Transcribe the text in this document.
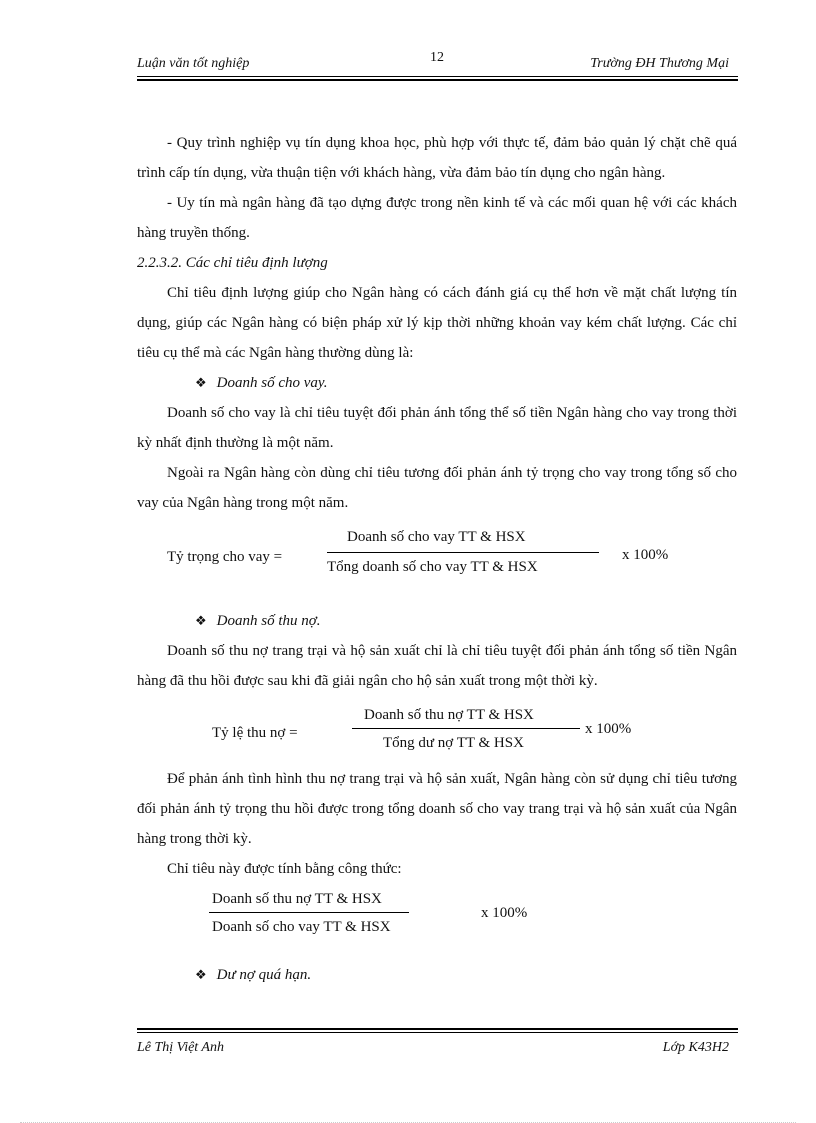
Luận văn tốt nghiệp	12	Trường ĐH Thương Mại

- Quy trình nghiệp vụ tín dụng khoa học, phù hợp với thực tế, đảm bảo quản lý chặt chẽ quá trình cấp tín dụng, vừa thuận tiện với khách hàng, vừa đảm bảo tín dụng cho ngân hàng.

- Uy tín mà ngân hàng đã tạo dựng được trong nền kinh tế và các mối quan hệ với các khách hàng truyền thống.

2.2.3.2. Các chỉ tiêu định lượng

Chỉ tiêu định lượng giúp cho Ngân hàng có cách đánh giá cụ thể hơn về mặt chất lượng tín dụng, giúp các Ngân hàng có biện pháp xử lý kịp thời những khoản vay kém chất lượng. Các chỉ tiêu cụ thể mà các Ngân hàng thường dùng là:

❖ Doanh số cho vay.

Doanh số cho vay là chỉ tiêu tuyệt đối phản ánh tổng thể số tiền Ngân hàng cho vay trong thời kỳ nhất định thường là một năm.

Ngoài ra Ngân hàng còn dùng chỉ tiêu tương đối phản ánh tỷ trọng cho vay trong tổng số cho vay của Ngân hàng trong một năm.

Tỷ trọng cho vay =
Doanh số cho vay TT & HSX
Tổng doanh số cho vay TT & HSX
x 100%

❖ Doanh số thu nợ.

Doanh số thu nợ trang trại và hộ sản xuất chỉ là chỉ tiêu tuyệt đối phản ánh tổng số tiền Ngân hàng đã thu hồi được sau khi đã giải ngân cho hộ sản xuất trong một thời kỳ.

Tỷ lệ thu nợ =
Doanh số thu nợ TT & HSX
Tổng dư nợ TT & HSX
x 100%

Để phản ánh tình hình thu nợ trang trại và hộ sản xuất, Ngân hàng còn sử dụng chỉ tiêu tương đối phản ánh tỷ trọng thu hồi được trong tổng doanh số cho vay trang trại và hộ sản xuất của Ngân hàng trong thời kỳ.

Chỉ tiêu này được tính bằng công thức:

Doanh số thu nợ TT & HSX
Doanh số cho vay TT & HSX
x 100%

❖ Dư nợ quá hạn.

Lê Thị Việt Anh	Lớp K43H2
